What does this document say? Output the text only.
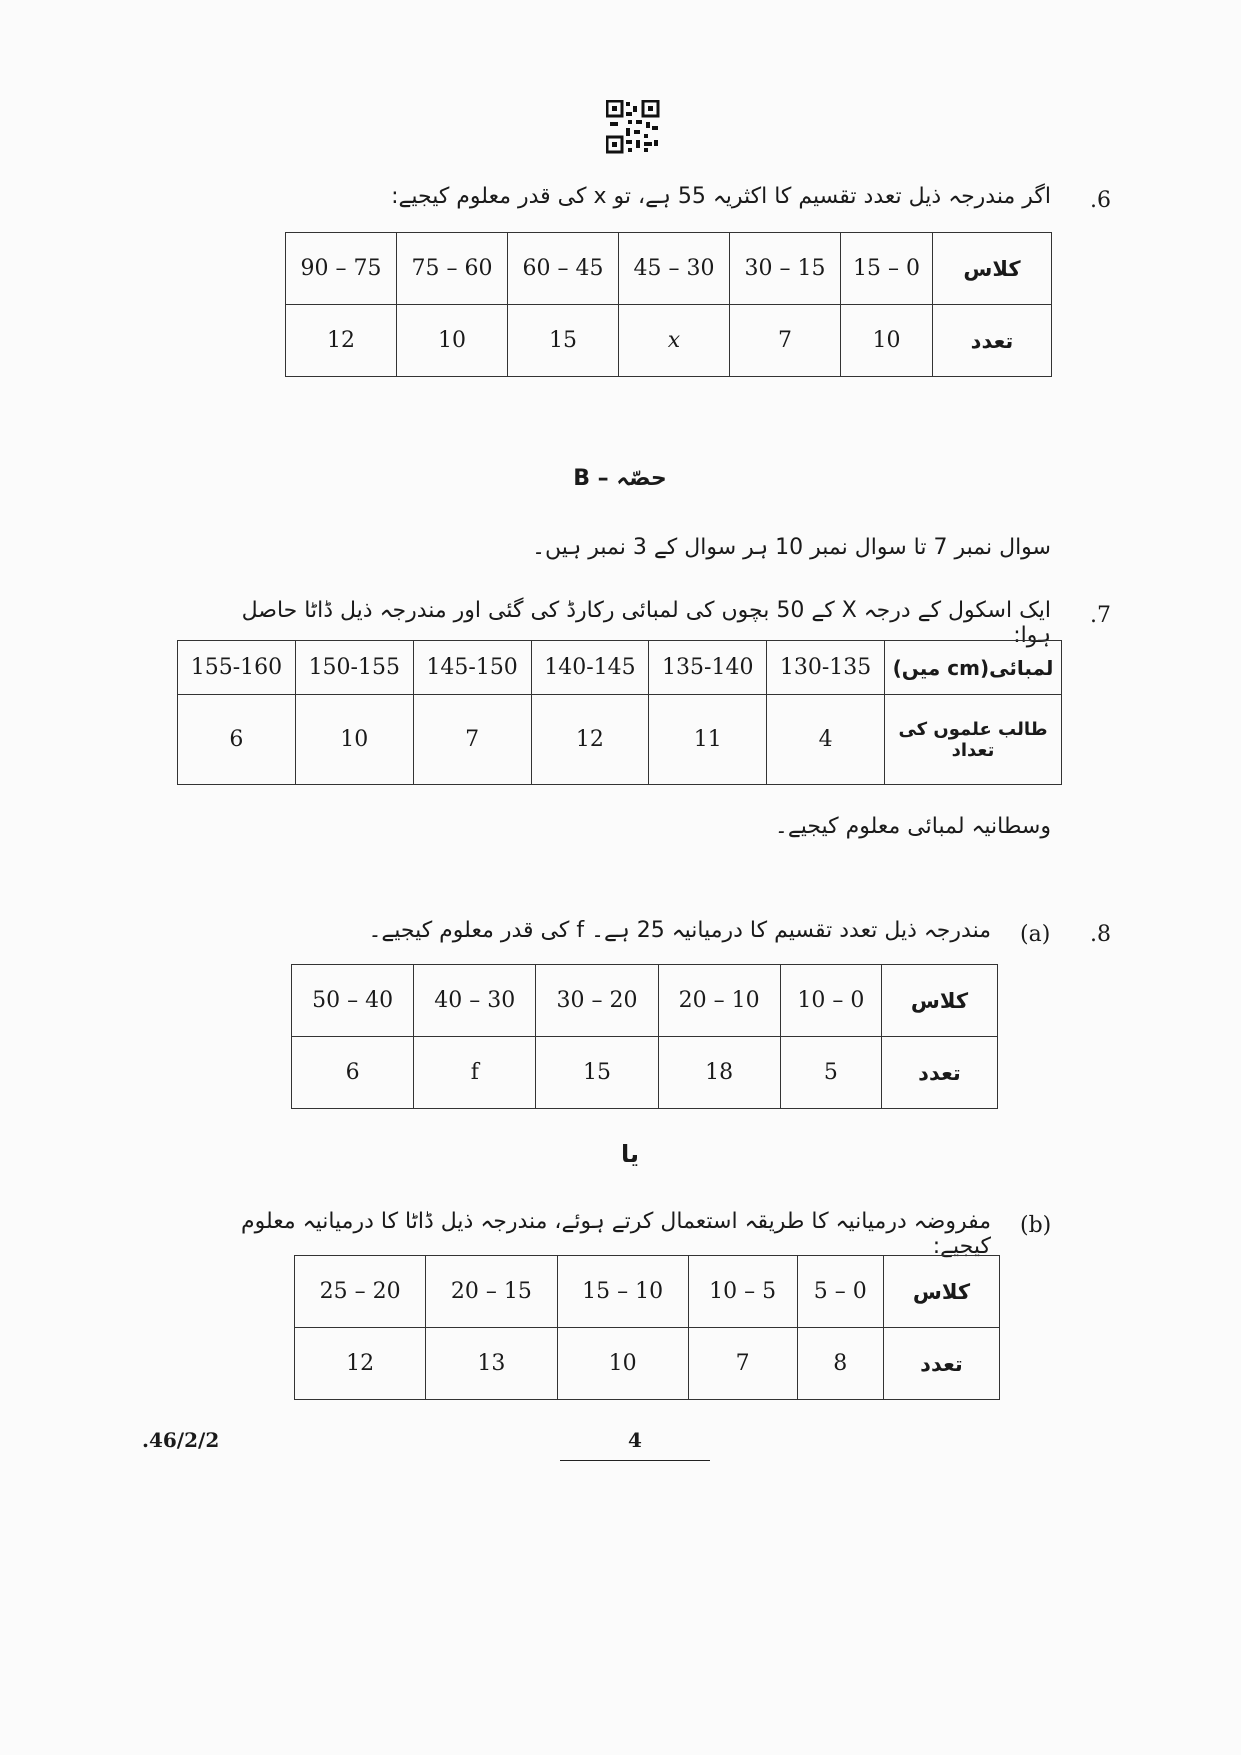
.6
اگر مندرجہ ذیل تعدد تقسیم کا اکثریہ 55 ہے، تو x کی قدر معلوم کیجیے:
کلاس	0 – 15	15 – 30	30 – 45	45 – 60	60 – 75	75 – 90
تعدد	10	7	x	15	10	12
حصّہ – B
سوال نمبر 7 تا سوال نمبر 10 ہر سوال کے 3 نمبر ہیں۔
.7
ایک اسکول کے درجہ X کے 50 بچوں کی لمبائی رکارڈ کی گئی اور مندرجہ ذیل ڈاٹا حاصل ہوا:
لمبائی(cm میں)	130-135	135-140	140-145	145-150	150-155	155-160
طالب علموں کی تعداد	4	11	12	7	10	6
وسطانیہ لمبائی معلوم کیجیے۔
.8
(a)
مندرجہ ذیل تعدد تقسیم کا درمیانیہ 25 ہے۔ f کی قدر معلوم کیجیے۔
کلاس	0 – 10	10 – 20	20 – 30	30 – 40	40 – 50
تعدد	5	18	15	f	6
یا
(b)
مفروضہ درمیانیہ کا طریقہ استعمال کرتے ہوئے، مندرجہ ذیل ڈاٹا کا درمیانیہ معلوم کیجیے:
کلاس	0 – 5	5 – 10	10 – 15	15 – 20	20 – 25
تعدد	8	7	10	13	12
.46/2/2	4
